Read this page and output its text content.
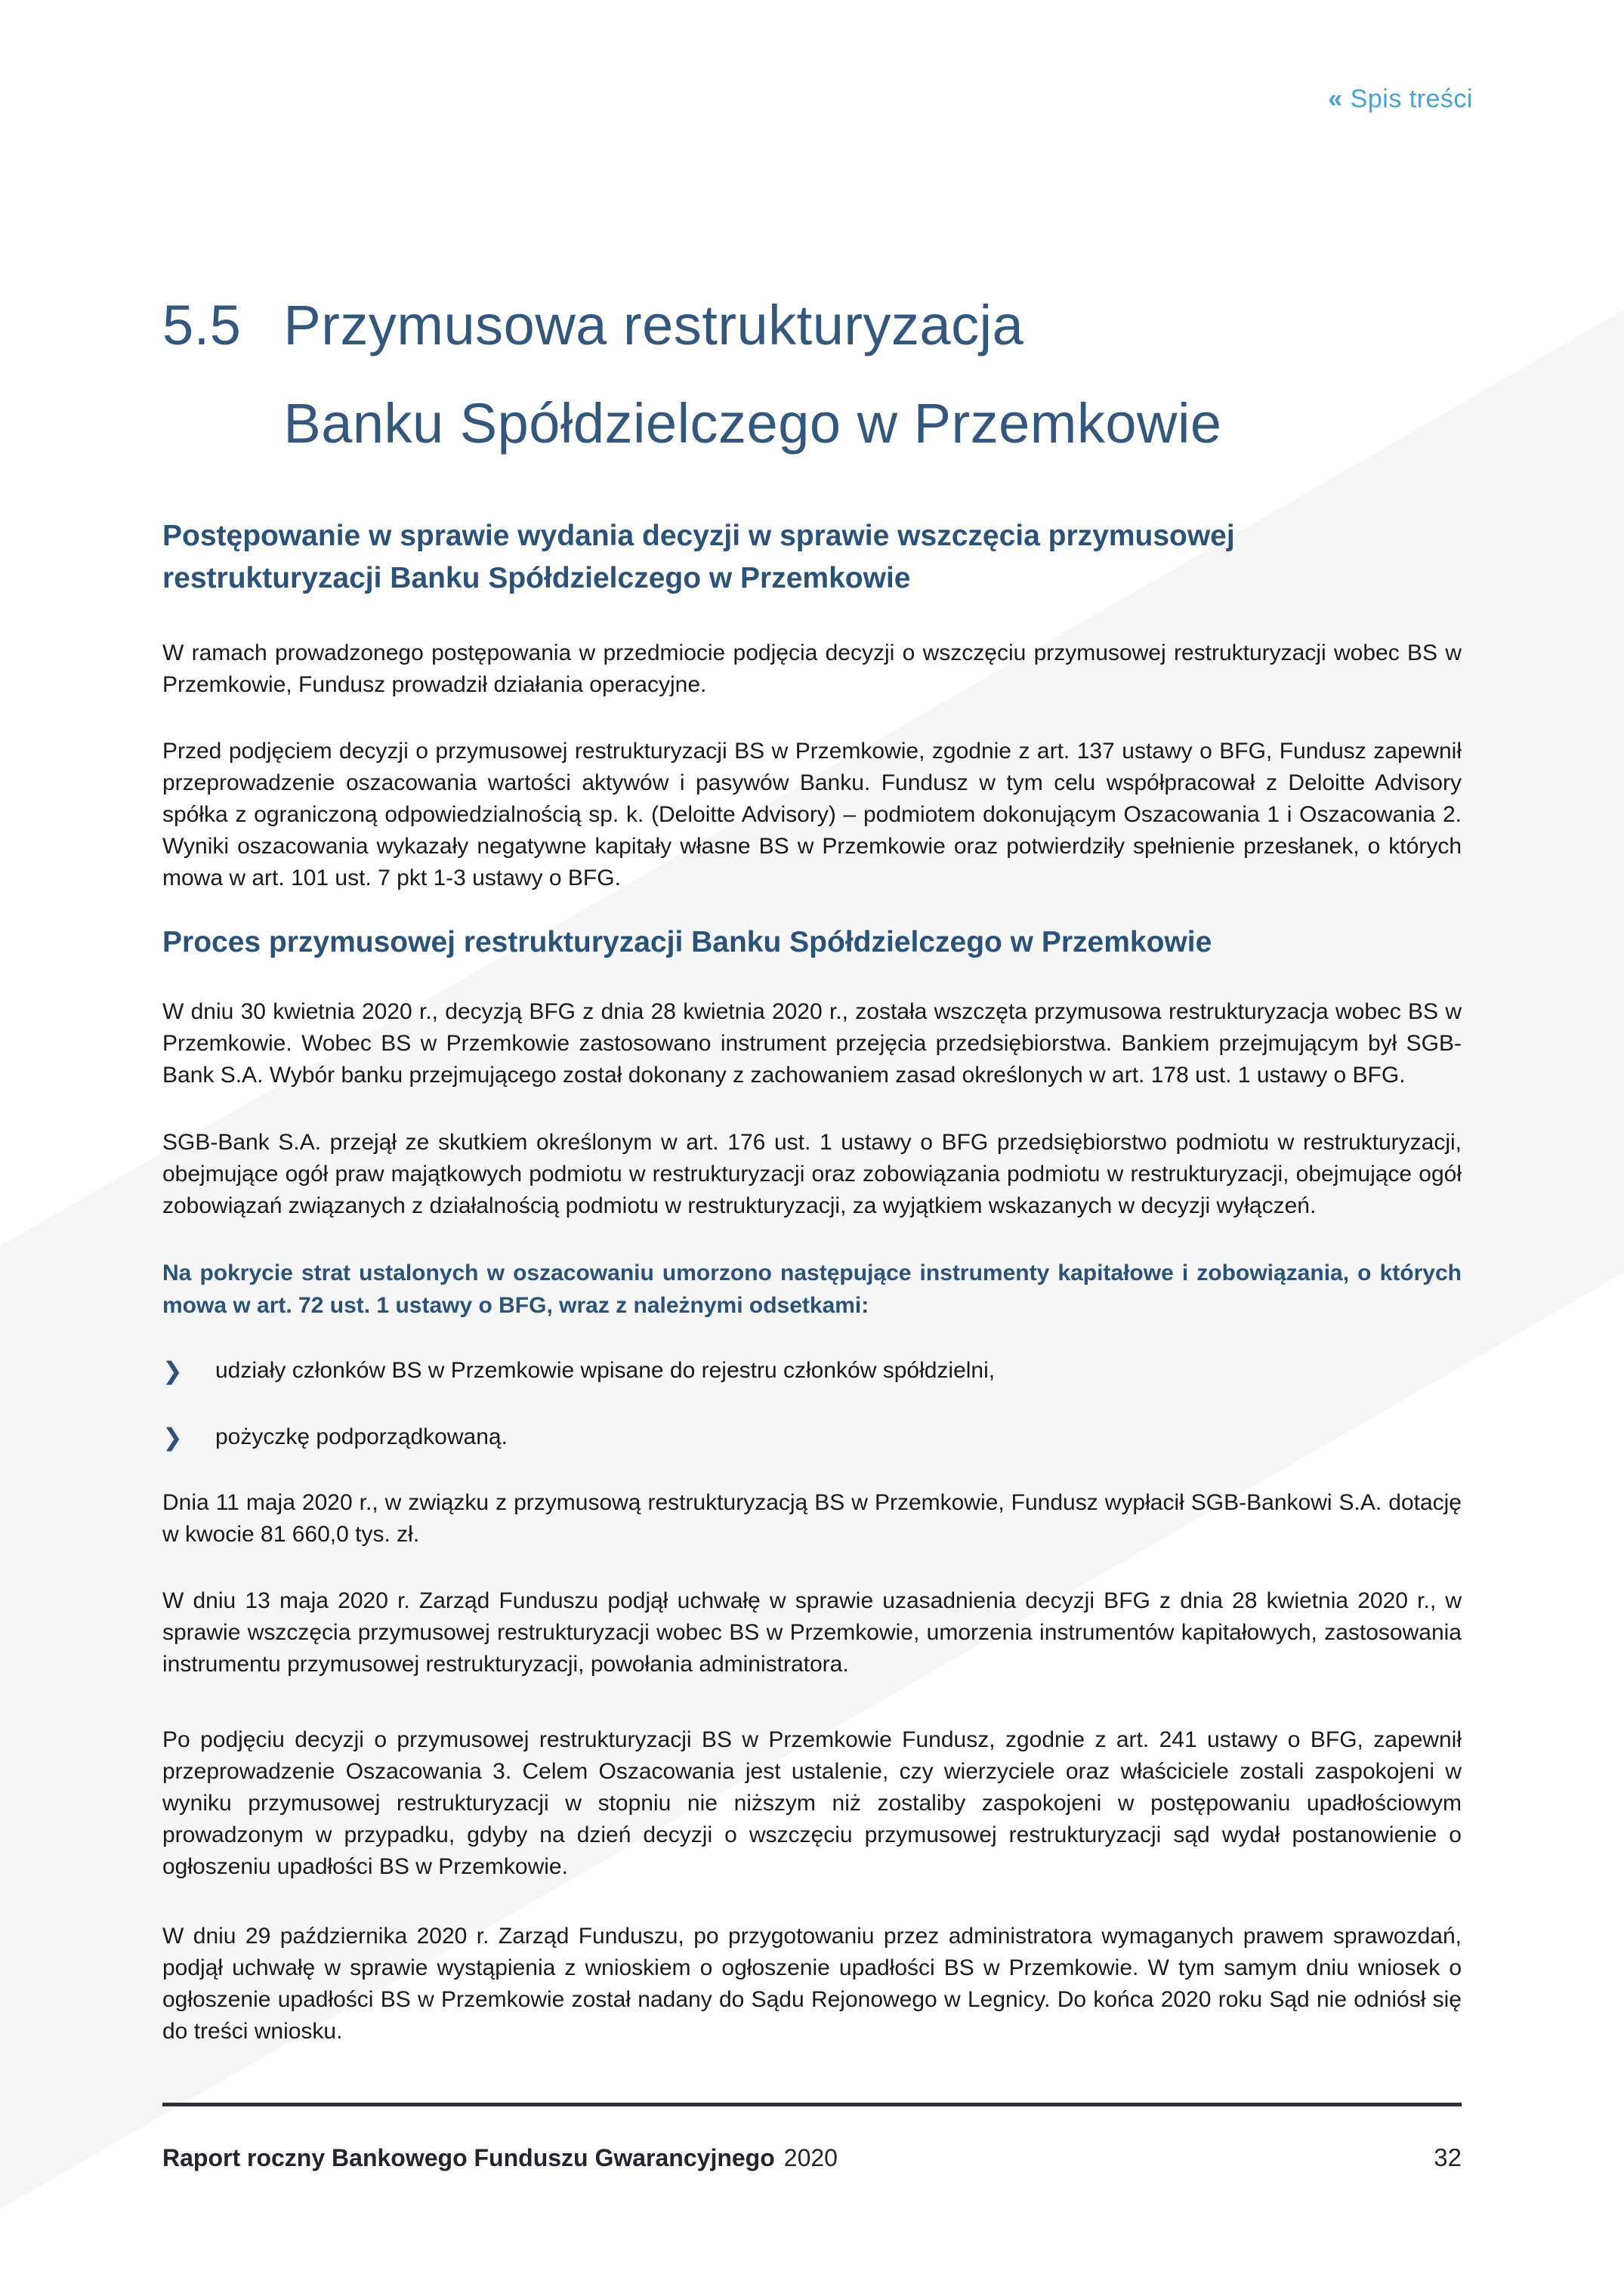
« Spis treści
5.5 Przymusowa restrukturyzacja
Banku Spółdzielczego w Przemkowie
Postępowanie w sprawie wydania decyzji w sprawie wszczęcia przymusowej restrukturyzacji Banku Spółdzielczego w Przemkowie

W ramach prowadzonego postępowania w przedmiocie podjęcia decyzji o wszczęciu przymusowej restrukturyzacji wobec BS w Przemkowie, Fundusz prowadził działania operacyjne.

Przed podjęciem decyzji o przymusowej restrukturyzacji BS w Przemkowie, zgodnie z art. 137 ustawy o BFG, Fundusz zapewnił przeprowadzenie oszacowania wartości aktywów i pasywów Banku. Fundusz w tym celu współpracował z Deloitte Advisory spółka z ograniczoną odpowiedzialnością sp. k. (Deloitte Advisory) – podmiotem dokonującym Oszacowania 1 i Oszacowania 2. Wyniki oszacowania wykazały negatywne kapitały własne BS w Przemkowie oraz potwierdziły spełnienie przesłanek, o których mowa w art. 101 ust. 7 pkt 1-3 ustawy o BFG.

Proces przymusowej restrukturyzacji Banku Spółdzielczego w Przemkowie

W dniu 30 kwietnia 2020 r., decyzją BFG z dnia 28 kwietnia 2020 r., została wszczęta przymusowa restrukturyzacja wobec BS w Przemkowie. Wobec BS w Przemkowie zastosowano instrument przejęcia przedsiębiorstwa. Bankiem przejmującym był SGB-Bank S.A. Wybór banku przejmującego został dokonany z zachowaniem zasad określonych w art. 178 ust. 1 ustawy o BFG.

SGB-Bank S.A. przejął ze skutkiem określonym w art. 176 ust. 1 ustawy o BFG przedsiębiorstwo podmiotu w restrukturyzacji, obejmujące ogół praw majątkowych podmiotu w restrukturyzacji oraz zobowiązania podmiotu w restrukturyzacji, obejmujące ogół zobowiązań związanych z działalnością podmiotu w restrukturyzacji, za wyjątkiem wskazanych w decyzji wyłączeń.

Na pokrycie strat ustalonych w oszacowaniu umorzono następujące instrumenty kapitałowe i zobowiązania, o których mowa w art. 72 ust. 1 ustawy o BFG, wraz z należnymi odsetkami:

❯	udziały członków BS w Przemkowie wpisane do rejestru członków spółdzielni,
❯	pożyczkę podporządkowaną.

Dnia 11 maja 2020 r., w związku z przymusową restrukturyzacją BS w Przemkowie, Fundusz wypłacił SGB-Bankowi S.A. dotację w kwocie 81 660,0 tys. zł.

W dniu 13 maja 2020 r. Zarząd Funduszu podjął uchwałę w sprawie uzasadnienia decyzji BFG z dnia 28 kwietnia 2020 r., w sprawie wszczęcia przymusowej restrukturyzacji wobec BS w Przemkowie, umorzenia instrumentów kapitałowych, zastosowania instrumentu przymusowej restrukturyzacji, powołania administratora.

Po podjęciu decyzji o przymusowej restrukturyzacji BS w Przemkowie Fundusz, zgodnie z art. 241 ustawy o BFG, zapewnił przeprowadzenie Oszacowania 3. Celem Oszacowania jest ustalenie, czy wierzyciele oraz właściciele zostali zaspokojeni w wyniku przymusowej restrukturyzacji w stopniu nie niższym niż zostaliby zaspokojeni w postępowaniu upadłościowym prowadzonym w przypadku, gdyby na dzień decyzji o wszczęciu przymusowej restrukturyzacji sąd wydał postanowienie o ogłoszeniu upadłości BS w Przemkowie.

W dniu 29 października 2020 r. Zarząd Funduszu, po przygotowaniu przez administratora wymaganych prawem sprawozdań, podjął uchwałę w sprawie wystąpienia z wnioskiem o ogłoszenie upadłości BS w Przemkowie. W tym samym dniu wniosek o ogłoszenie upadłości BS w Przemkowie został nadany do Sądu Rejonowego w Legnicy. Do końca 2020 roku Sąd nie odniósł się do treści wniosku.

Raport roczny Bankowego Funduszu Gwarancyjnego 2020	32
